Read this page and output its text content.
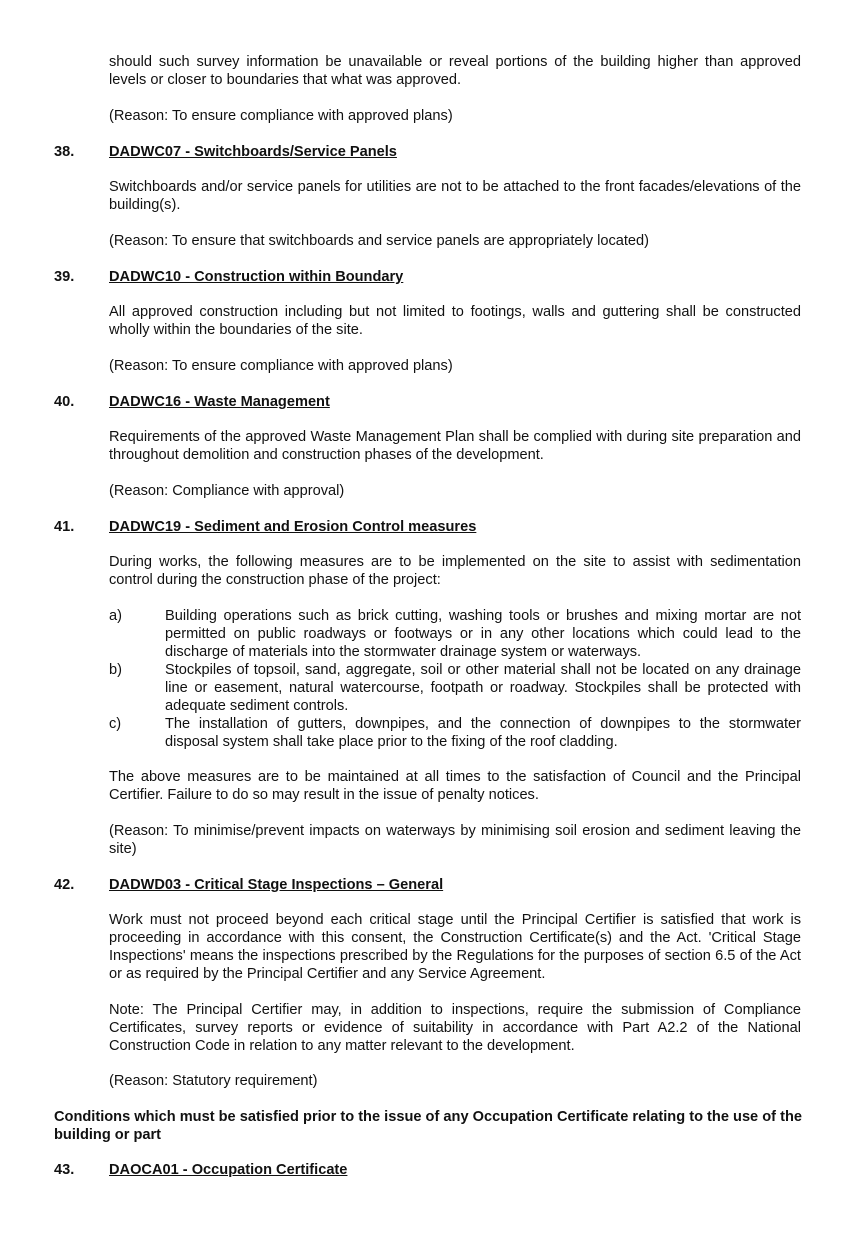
should such survey information be unavailable or reveal portions of the building higher than approved levels or closer to boundaries that what was approved.

(Reason: To ensure compliance with approved plans)

38. DADWC07 - Switchboards/Service Panels

Switchboards and/or service panels for utilities are not to be attached to the front facades/elevations of the building(s).

(Reason: To ensure that switchboards and service panels are appropriately located)

39. DADWC10 - Construction within Boundary

All approved construction including but not limited to footings, walls and guttering shall be constructed wholly within the boundaries of the site.

(Reason: To ensure compliance with approved plans)

40. DADWC16 - Waste Management

Requirements of the approved Waste Management Plan shall be complied with during site preparation and throughout demolition and construction phases of the development.

(Reason: Compliance with approval)

41. DADWC19 - Sediment and Erosion Control measures

During works, the following measures are to be implemented on the site to assist with sedimentation control during the construction phase of the project:

a)	Building operations such as brick cutting, washing tools or brushes and mixing mortar are not permitted on public roadways or footways or in any other locations which could lead to the discharge of materials into the stormwater drainage system or waterways.
b)	Stockpiles of topsoil, sand, aggregate, soil or other material shall not be located on any drainage line or easement, natural watercourse, footpath or roadway. Stockpiles shall be protected with adequate sediment controls.
c)	The installation of gutters, downpipes, and the connection of downpipes to the stormwater disposal system shall take place prior to the fixing of the roof cladding.

The above measures are to be maintained at all times to the satisfaction of Council and the Principal Certifier. Failure to do so may result in the issue of penalty notices.

(Reason: To minimise/prevent impacts on waterways by minimising soil erosion and sediment leaving the site)

42. DADWD03 - Critical Stage Inspections – General

Work must not proceed beyond each critical stage until the Principal Certifier is satisfied that work is proceeding in accordance with this consent, the Construction Certificate(s) and the Act. 'Critical Stage Inspections' means the inspections prescribed by the Regulations for the purposes of section 6.5 of the Act or as required by the Principal Certifier and any Service Agreement.

Note: The Principal Certifier may, in addition to inspections, require the submission of Compliance Certificates, survey reports or evidence of suitability in accordance with Part A2.2 of the National Construction Code in relation to any matter relevant to the development.

(Reason: Statutory requirement)

Conditions which must be satisfied prior to the issue of any Occupation Certificate relating to the use of the building or part

43. DAOCA01 - Occupation Certificate
